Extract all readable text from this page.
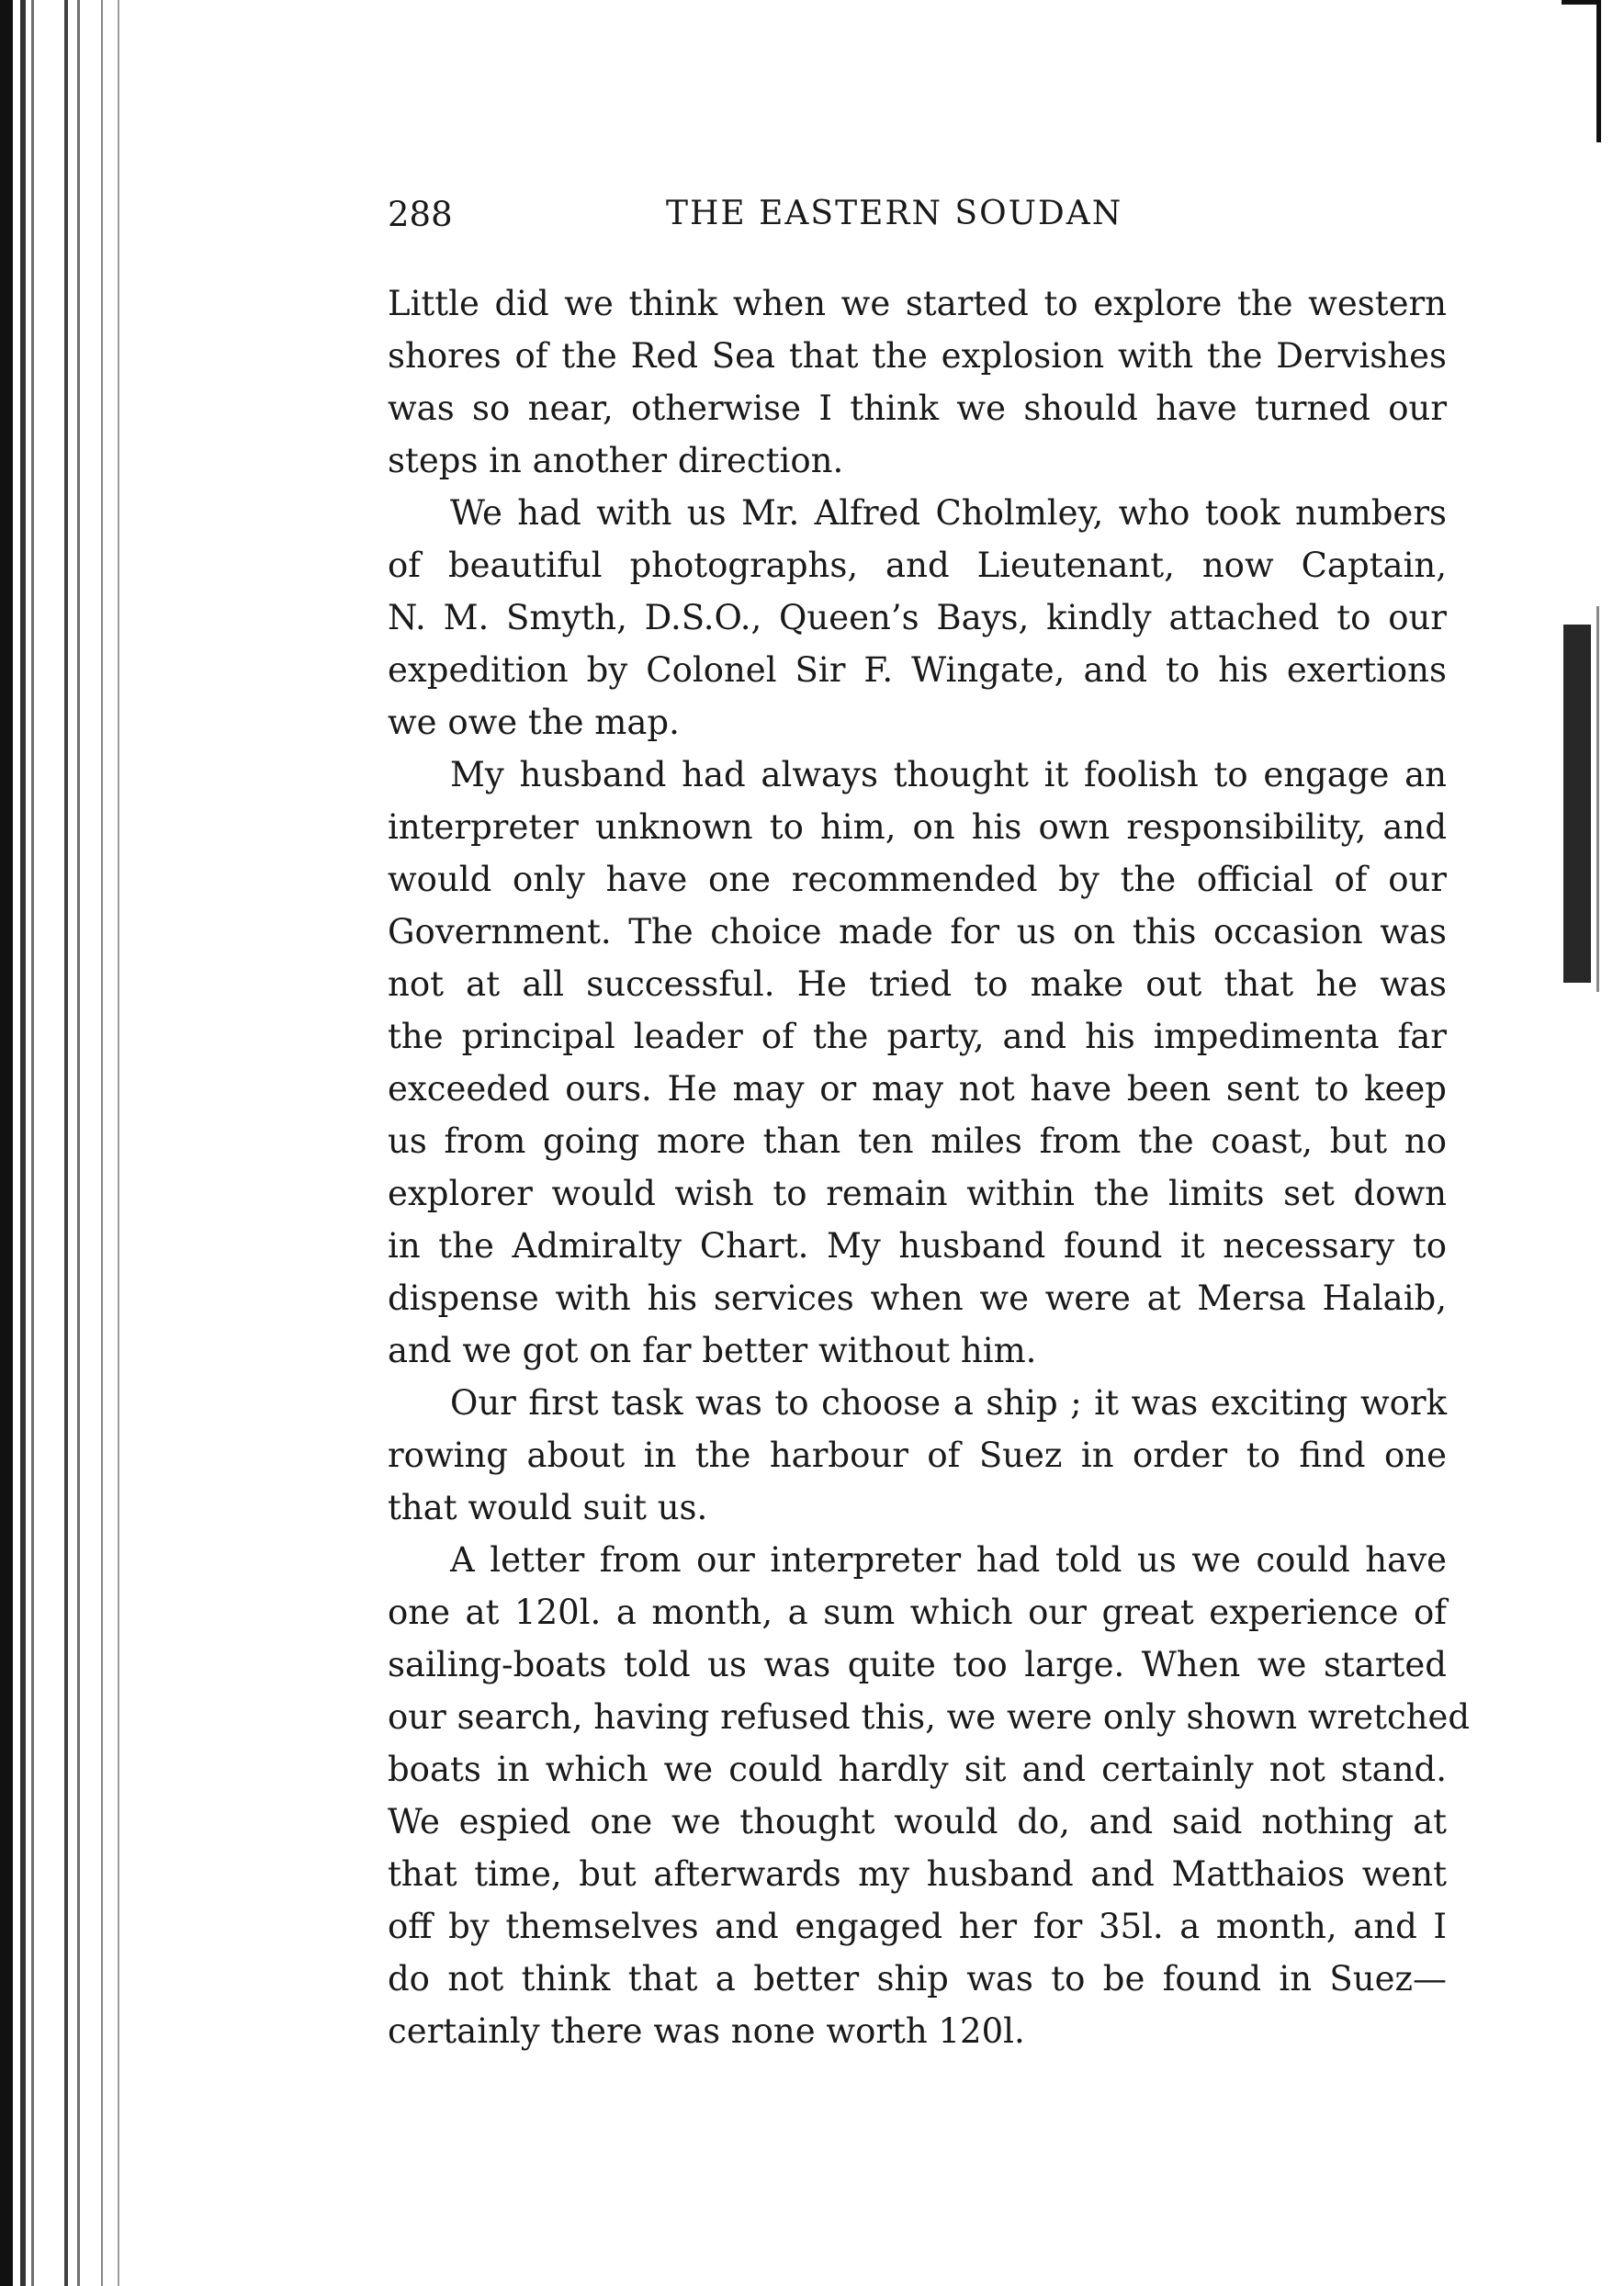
288	THE EASTERN SOUDAN
Little did we think when we started to explore the western
shores of the Red Sea that the explosion with the Dervishes
was so near, otherwise I think we should have turned our
steps in another direction.
We had with us Mr. Alfred Cholmley, who took numbers
of beautiful photographs, and Lieutenant, now Captain,
N. M. Smyth, D.S.O., Queen’s Bays, kindly attached to our
expedition by Colonel Sir F. Wingate, and to his exertions
we owe the map.
My husband had always thought it foolish to engage an
interpreter unknown to him, on his own responsibility, and
would only have one recommended by the official of our
Government. The choice made for us on this occasion was
not at all successful. He tried to make out that he was
the principal leader of the party, and his impedimenta far
exceeded ours. He may or may not have been sent to keep
us from going more than ten miles from the coast, but no
explorer would wish to remain within the limits set down
in the Admiralty Chart. My husband found it necessary to
dispense with his services when we were at Mersa Halaib,
and we got on far better without him.
Our first task was to choose a ship ; it was exciting work
rowing about in the harbour of Suez in order to find one
that would suit us.
A letter from our interpreter had told us we could have
one at 120l. a month, a sum which our great experience of
sailing-boats told us was quite too large. When we started
our search, having refused this, we were only shown wretched
boats in which we could hardly sit and certainly not stand.
We espied one we thought would do, and said nothing at
that time, but afterwards my husband and Matthaios went
off by themselves and engaged her for 35l. a month, and I
do not think that a better ship was to be found in Suez—
certainly there was none worth 120l.
